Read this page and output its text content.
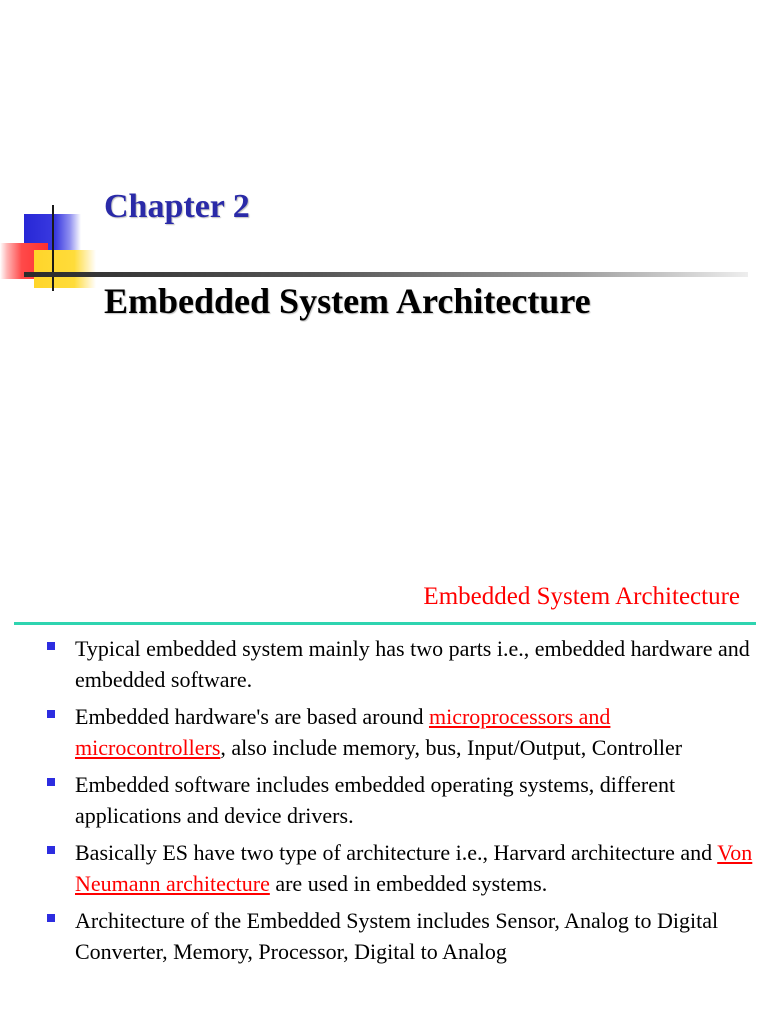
Chapter 2
Embedded System Architecture
Embedded System Architecture
Typical embedded system mainly has two parts i.e., embedded hardware and embedded software.
Embedded hardware's are based around microprocessors and microcontrollers, also include memory, bus, Input/Output, Controller
Embedded software includes embedded operating systems, different applications and device drivers.
Basically ES have two type of architecture i.e., Harvard architecture and Von Neumann architecture are used in embedded systems.
Architecture of the Embedded System includes Sensor, Analog to Digital Converter, Memory, Processor, Digital to Analog
